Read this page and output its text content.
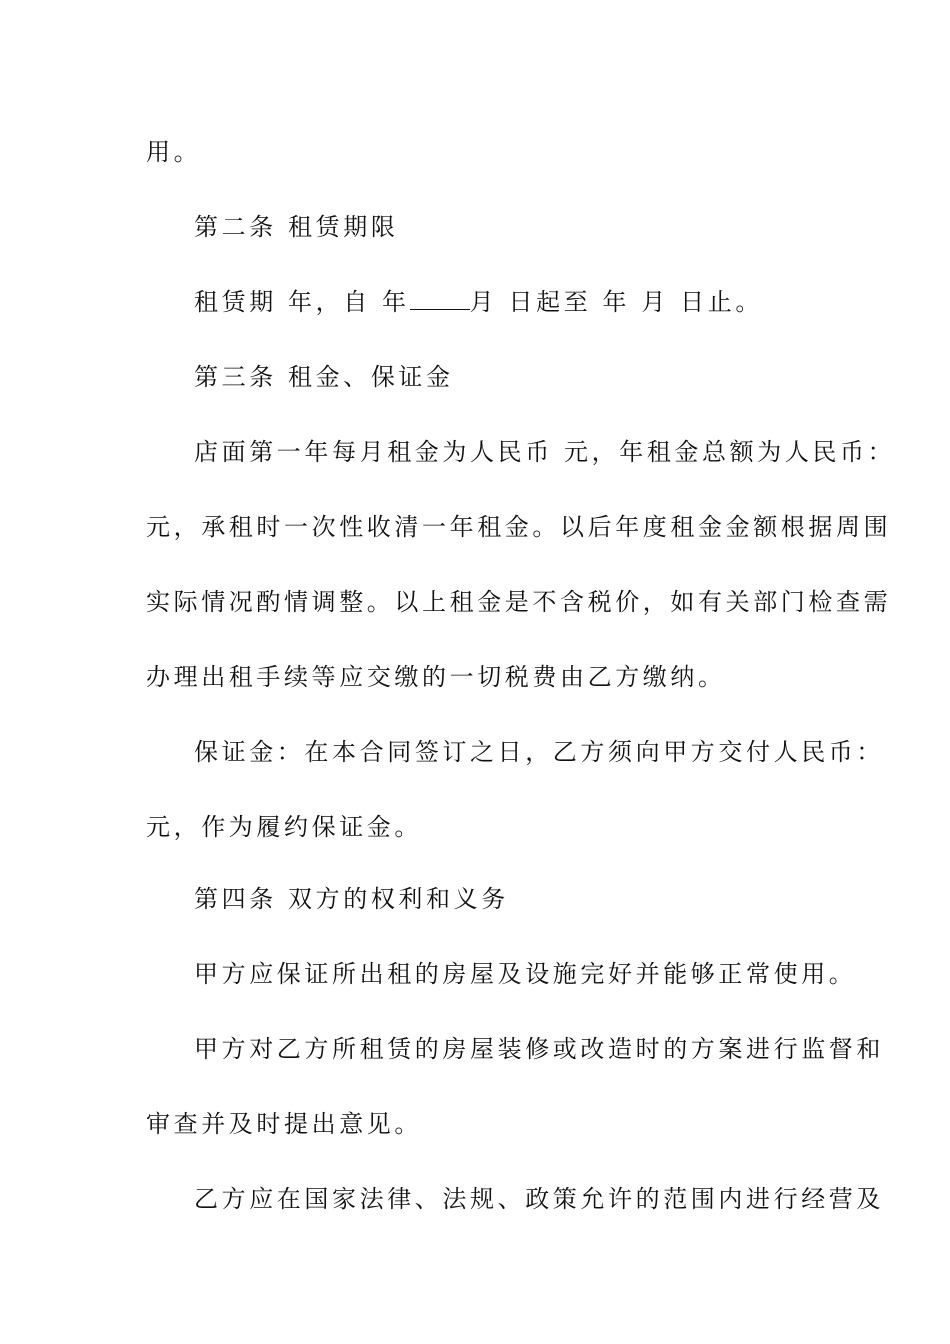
用。
第二条 租赁期限
租赁期 年，自 年	月 日起至 年 月 日止。
第三条 租金、保证金
店面第一年每月租金为人民币 元，年租金总额为人民币：
元，承租时一次性收清一年租金。以后年度租金金额根据周围
实际情况酌情调整。以上租金是不含税价，如有关部门检查需
办理出租手续等应交缴的一切税费由乙方缴纳。
保证金：在本合同签订之日，乙方须向甲方交付人民币：
元，作为履约保证金。
第四条 双方的权利和义务
甲方应保证所出租的房屋及设施完好并能够正常使用。
甲方对乙方所租赁的房屋装修或改造时的方案进行监督和
审查并及时提出意见。
乙方应在国家法律、法规、政策允许的范围内进行经营及
